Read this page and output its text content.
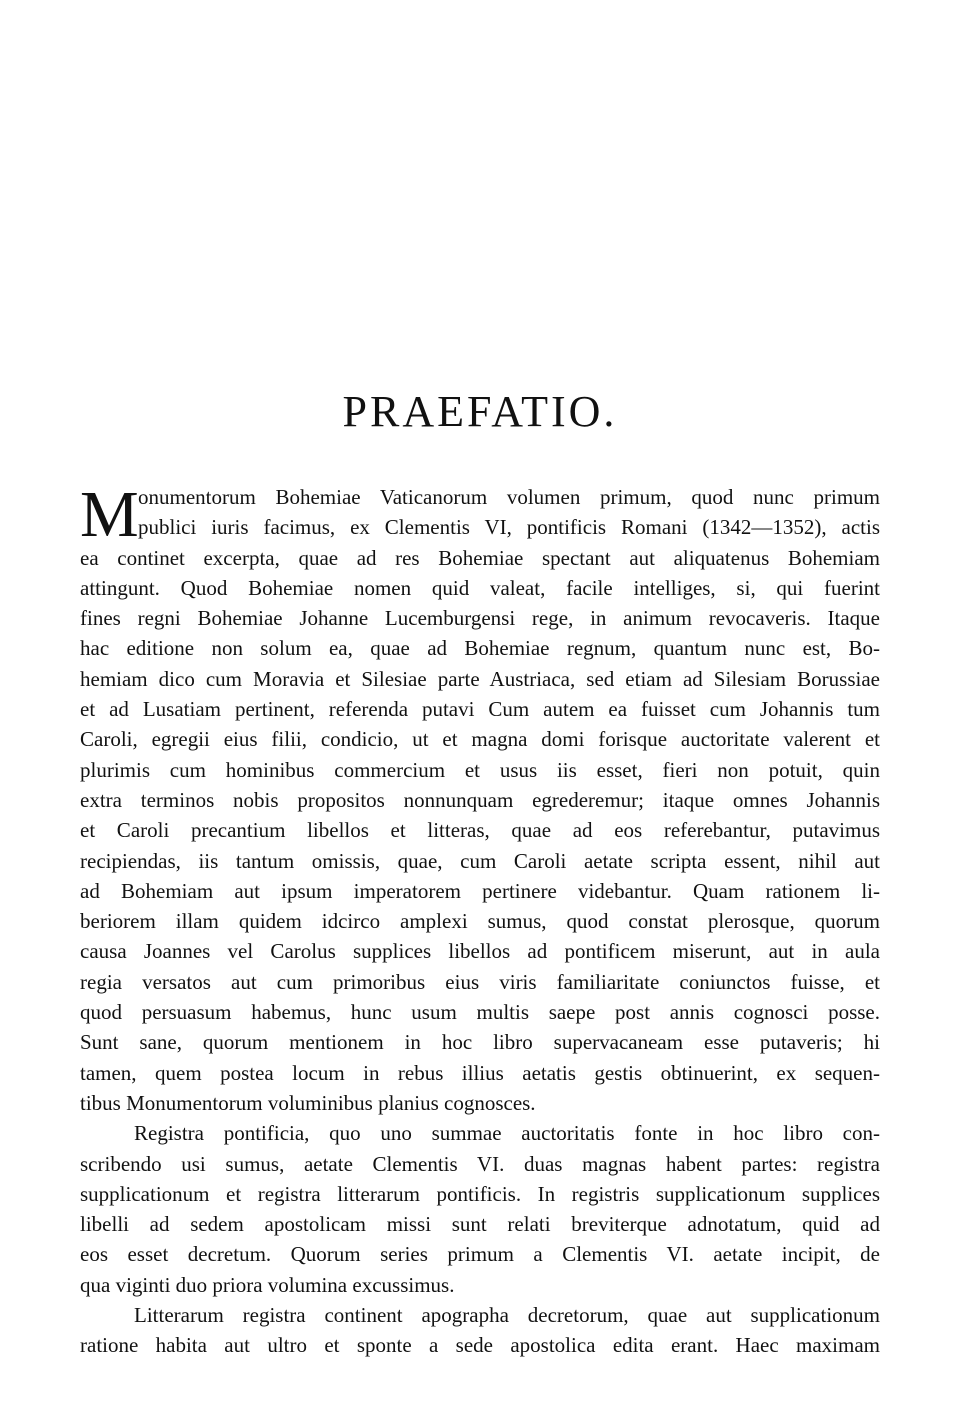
PRAEFATIO.
M onumentorum Bohemiae Vaticanorum volumen primum, quod nunc primum
publici iuris facimus, ex Clementis VI, pontificis Romani (1342—1352), actis
ea continet excerpta, quae ad res Bohemiae spectant aut aliquatenus Bohemiam
attingunt. Quod Bohemiae nomen quid valeat, facile intelliges, si, qui fuerint
fines regni Bohemiae Johanne Lucemburgensi rege, in animum revocaveris. Itaque
hac editione non solum ea, quae ad Bohemiae regnum, quantum nunc est, Bo-
hemiam dico cum Moravia et Silesiae parte Austriaca, sed etiam ad Silesiam Borussiae
et ad Lusatiam pertinent, referenda putavi Cum autem ea fuisset cum Johannis tum
Caroli, egregii eius filii, condicio, ut et magna domi forisque auctoritate valerent et
plurimis cum hominibus commercium et usus iis esset, fieri non potuit, quin
extra terminos nobis propositos nonnunquam egrederemur; itaque omnes Johannis
et Caroli precantium libellos et litteras, quae ad eos referebantur, putavimus
recipiendas, iis tantum omissis, quae, cum Caroli aetate scripta essent, nihil aut
ad Bohemiam aut ipsum imperatorem pertinere videbantur. Quam rationem li-
beriorem illam quidem idcirco amplexi sumus, quod constat plerosque, quorum
causa Joannes vel Carolus supplices libellos ad pontificem miserunt, aut in aula
regia versatos aut cum primoribus eius viris familiaritate coniunctos fuisse, et
quod persuasum habemus, hunc usum multis saepe post annis cognosci posse.
Sunt sane, quorum mentionem in hoc libro supervacaneam esse putaveris; hi
tamen, quem postea locum in rebus illius aetatis gestis obtinuerint, ex sequen-
tibus Monumentorum voluminibus planius cognosces.
Registra pontificia, quo uno summae auctoritatis fonte in hoc libro con-
scribendo usi sumus, aetate Clementis VI. duas magnas habent partes: registra
supplicationum et registra litterarum pontificis. In registris supplicationum supplices
libelli ad sedem apostolicam missi sunt relati breviterque adnotatum, quid ad
eos esset decretum. Quorum series primum a Clementis VI. aetate incipit, de
qua viginti duo priora volumina excussimus.
Litterarum registra continent apographa decretorum, quae aut supplicationum
ratione habita aut ultro et sponte a sede apostolica edita erant. Haec maximam
